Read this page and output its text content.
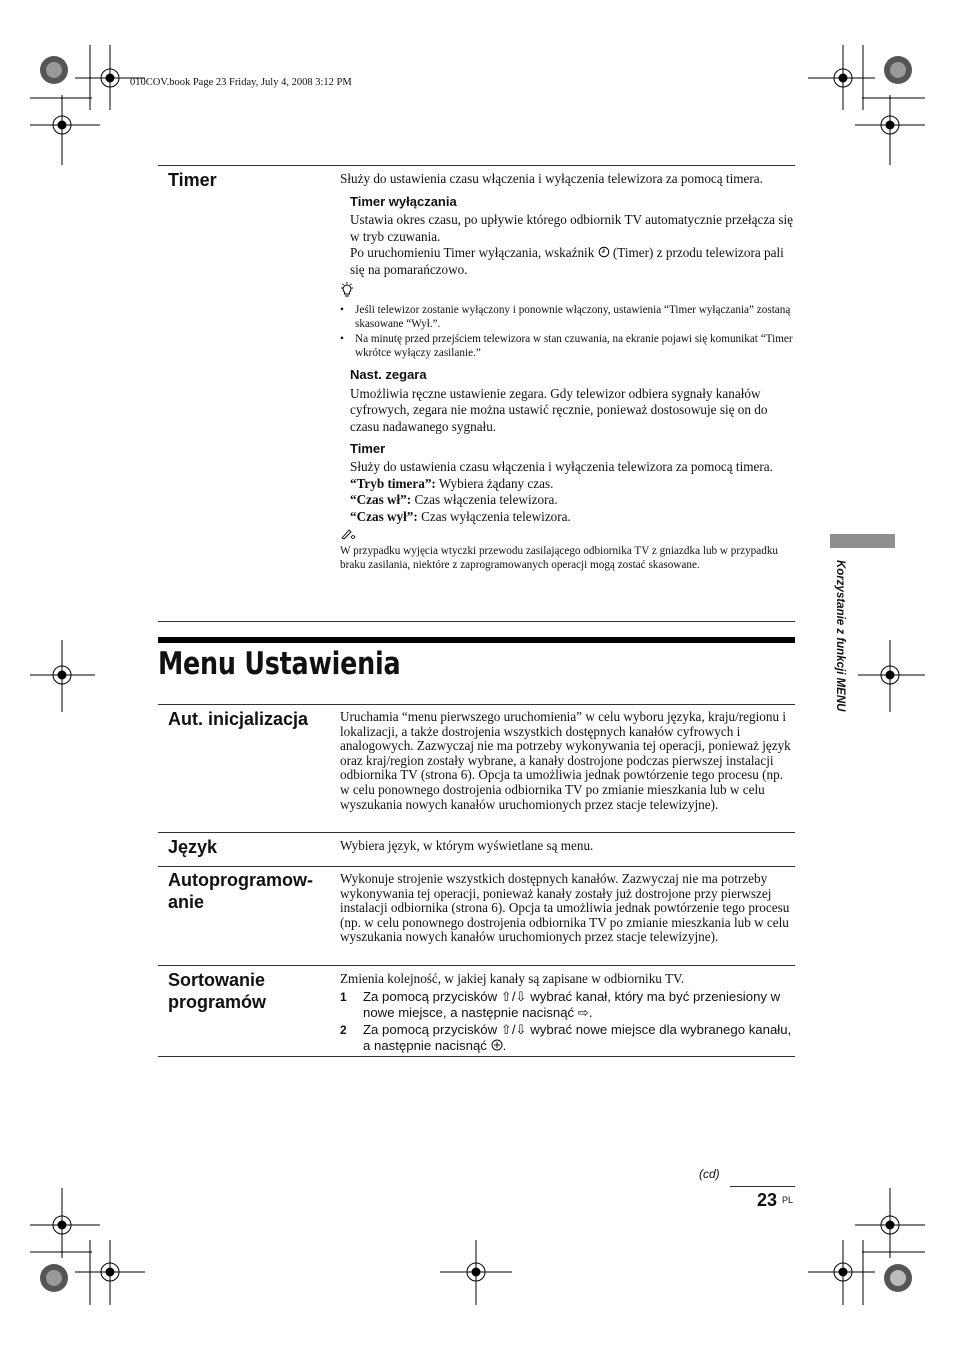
010COV.book Page 23 Friday, July 4, 2008 3:12 PM
Timer	Służy do ustawienia czasu włączenia i wyłączenia telewizora za pomocą timera.
Timer wyłączania
Ustawia okres czasu, po upływie którego odbiornik TV automatycznie przełącza się w tryb czuwania.
Po uruchomieniu Timer wyłączania, wskaźnik (Timer) z przodu telewizora pali się na pomarańczowo.
• Jeśli telewizor zostanie wyłączony i ponownie włączony, ustawienia “Timer wyłączania” zostaną skasowane “Wył.”.
• Na minutę przed przejściem telewizora w stan czuwania, na ekranie pojawi się komunikat “Timer wkrótce wyłączy zasilanie.”
Nast. zegara
Umożliwia ręczne ustawienie zegara. Gdy telewizor odbiera sygnały kanałów cyfrowych, zegara nie można ustawić ręcznie, ponieważ dostosowuje się on do czasu nadawanego sygnału.
Timer
Służy do ustawienia czasu włączenia i wyłączenia telewizora za pomocą timera.
“Tryb timera”: Wybiera żądany czas.
“Czas wł”: Czas włączenia telewizora.
“Czas wył”: Czas wyłączenia telewizora.
W przypadku wyjęcia wtyczki przewodu zasilającego odbiornika TV z gniazdka lub w przypadku braku zasilania, niektóre z zaprogramowanych operacji mogą zostać skasowane.
Menu Ustawienia
Aut. inicjalizacja Uruchamia “menu pierwszego uruchomienia” w celu wyboru języka, kraju/regionu i lokalizacji, a także dostrojenia wszystkich dostępnych kanałów cyfrowych i analogowych. Zazwyczaj nie ma potrzeby wykonywania tej operacji, ponieważ język oraz kraj/region zostały wybrane, a kanały dostrojone podczas pierwszej instalacji odbiornika TV (strona 6). Opcja ta umożliwia jednak powtórzenie tego procesu (np. w celu ponownego dostrojenia odbiornika TV po zmianie mieszkania lub w celu wyszukania nowych kanałów uruchomionych przez stacje telewizyjne).
Język	Wybiera język, w którym wyświetlane są menu.
Autoprogramow-
anie
Wykonuje strojenie wszystkich dostępnych kanałów. Zazwyczaj nie ma potrzeby wykonywania tej operacji, ponieważ kanały zostały już dostrojone przy pierwszej instalacji odbiornika (strona 6). Opcja ta umożliwia jednak powtórzenie tego procesu (np. w celu ponownego dostrojenia odbiornika TV po zmianie mieszkania lub w celu wyszukania nowych kanałów uruchomionych przez stacje telewizyjne).
Sortowanie
programów
Zmienia kolejność, w jakiej kanały są zapisane w odbiorniku TV.
1 Za pomocą przycisków ⇧/⇩ wybrać kanał, który ma być przeniesiony w nowe miejsce, a następnie nacisnąć ⇨.
2 Za pomocą przycisków ⇧/⇩ wybrać nowe miejsce dla wybranego kanału, a następnie nacisnąć .
Korzystanie z funkcji MENU
(cd)
23 PL
